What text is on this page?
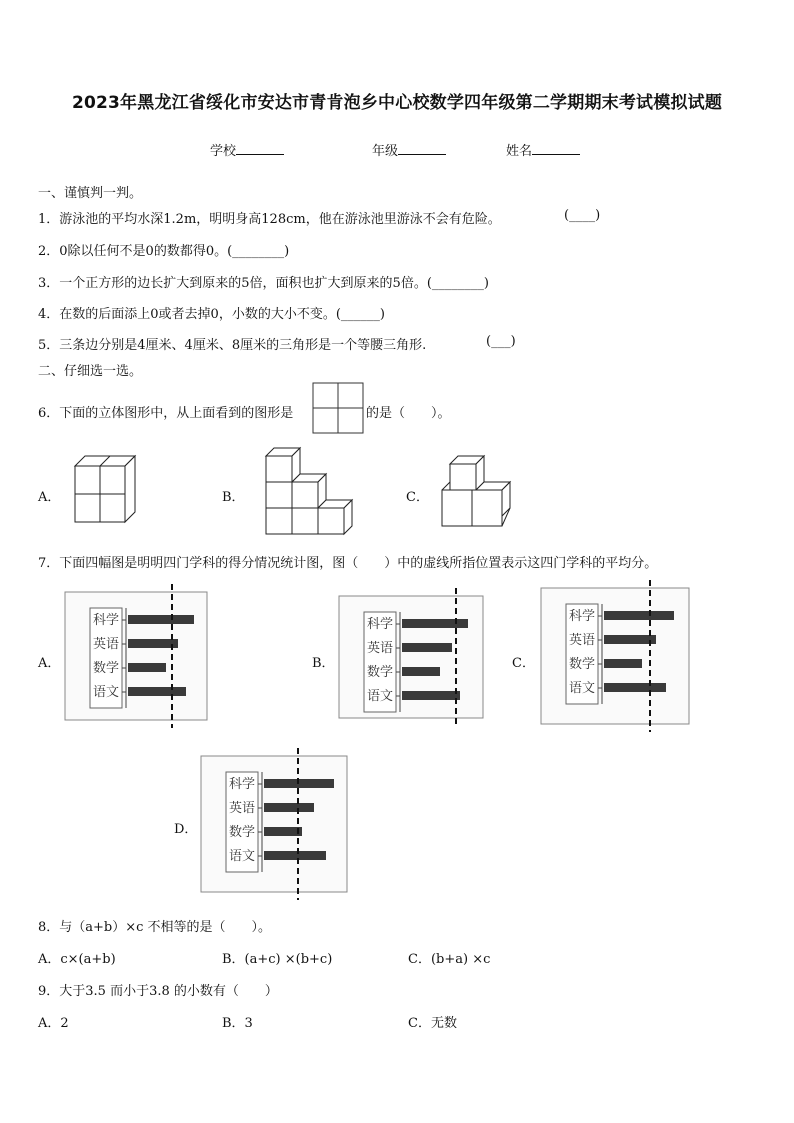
2023年黑龙江省绥化市安达市青肯泡乡中心校数学四年级第二学期期末考试模拟试题
学校	年级	姓名
一、谨慎判一判。
1．游泳池的平均水深1.2m，明明身高128cm，他在游泳池里游泳不会有危险。	(____)
2．0除以任何不是0的数都得0。(________)
3．一个正方形的边长扩大到原来的5倍，面积也扩大到原来的5倍。(________)
4．在数的后面添上0或者去掉0，小数的大小不变。(______)
5．三条边分别是4厘米、4厘米、8厘米的三角形是一个等腰三角形.	(___)
二、仔细选一选。
6．下面的立体图形中，从上面看到的图形是	的是（　　）。
A．	B．	C．
7．下面四幅图是明明四门学科的得分情况统计图，图（　　）中的虚线所指位置表示这四门学科的平均分。
A．	B．	C．
D．
科学
英语
数学
语文
科学
英语
数学
语文
科学
英语
数学
语文
科学
英语
数学
语文
8．与（a+b）×c 不相等的是（　　）。
A．c×(a+b)	B．(a+c) ×(b+c)	C．(b+a) ×c
9．大于3.5 而小于3.8 的小数有（　　）
A．2	B．3	C．无数
